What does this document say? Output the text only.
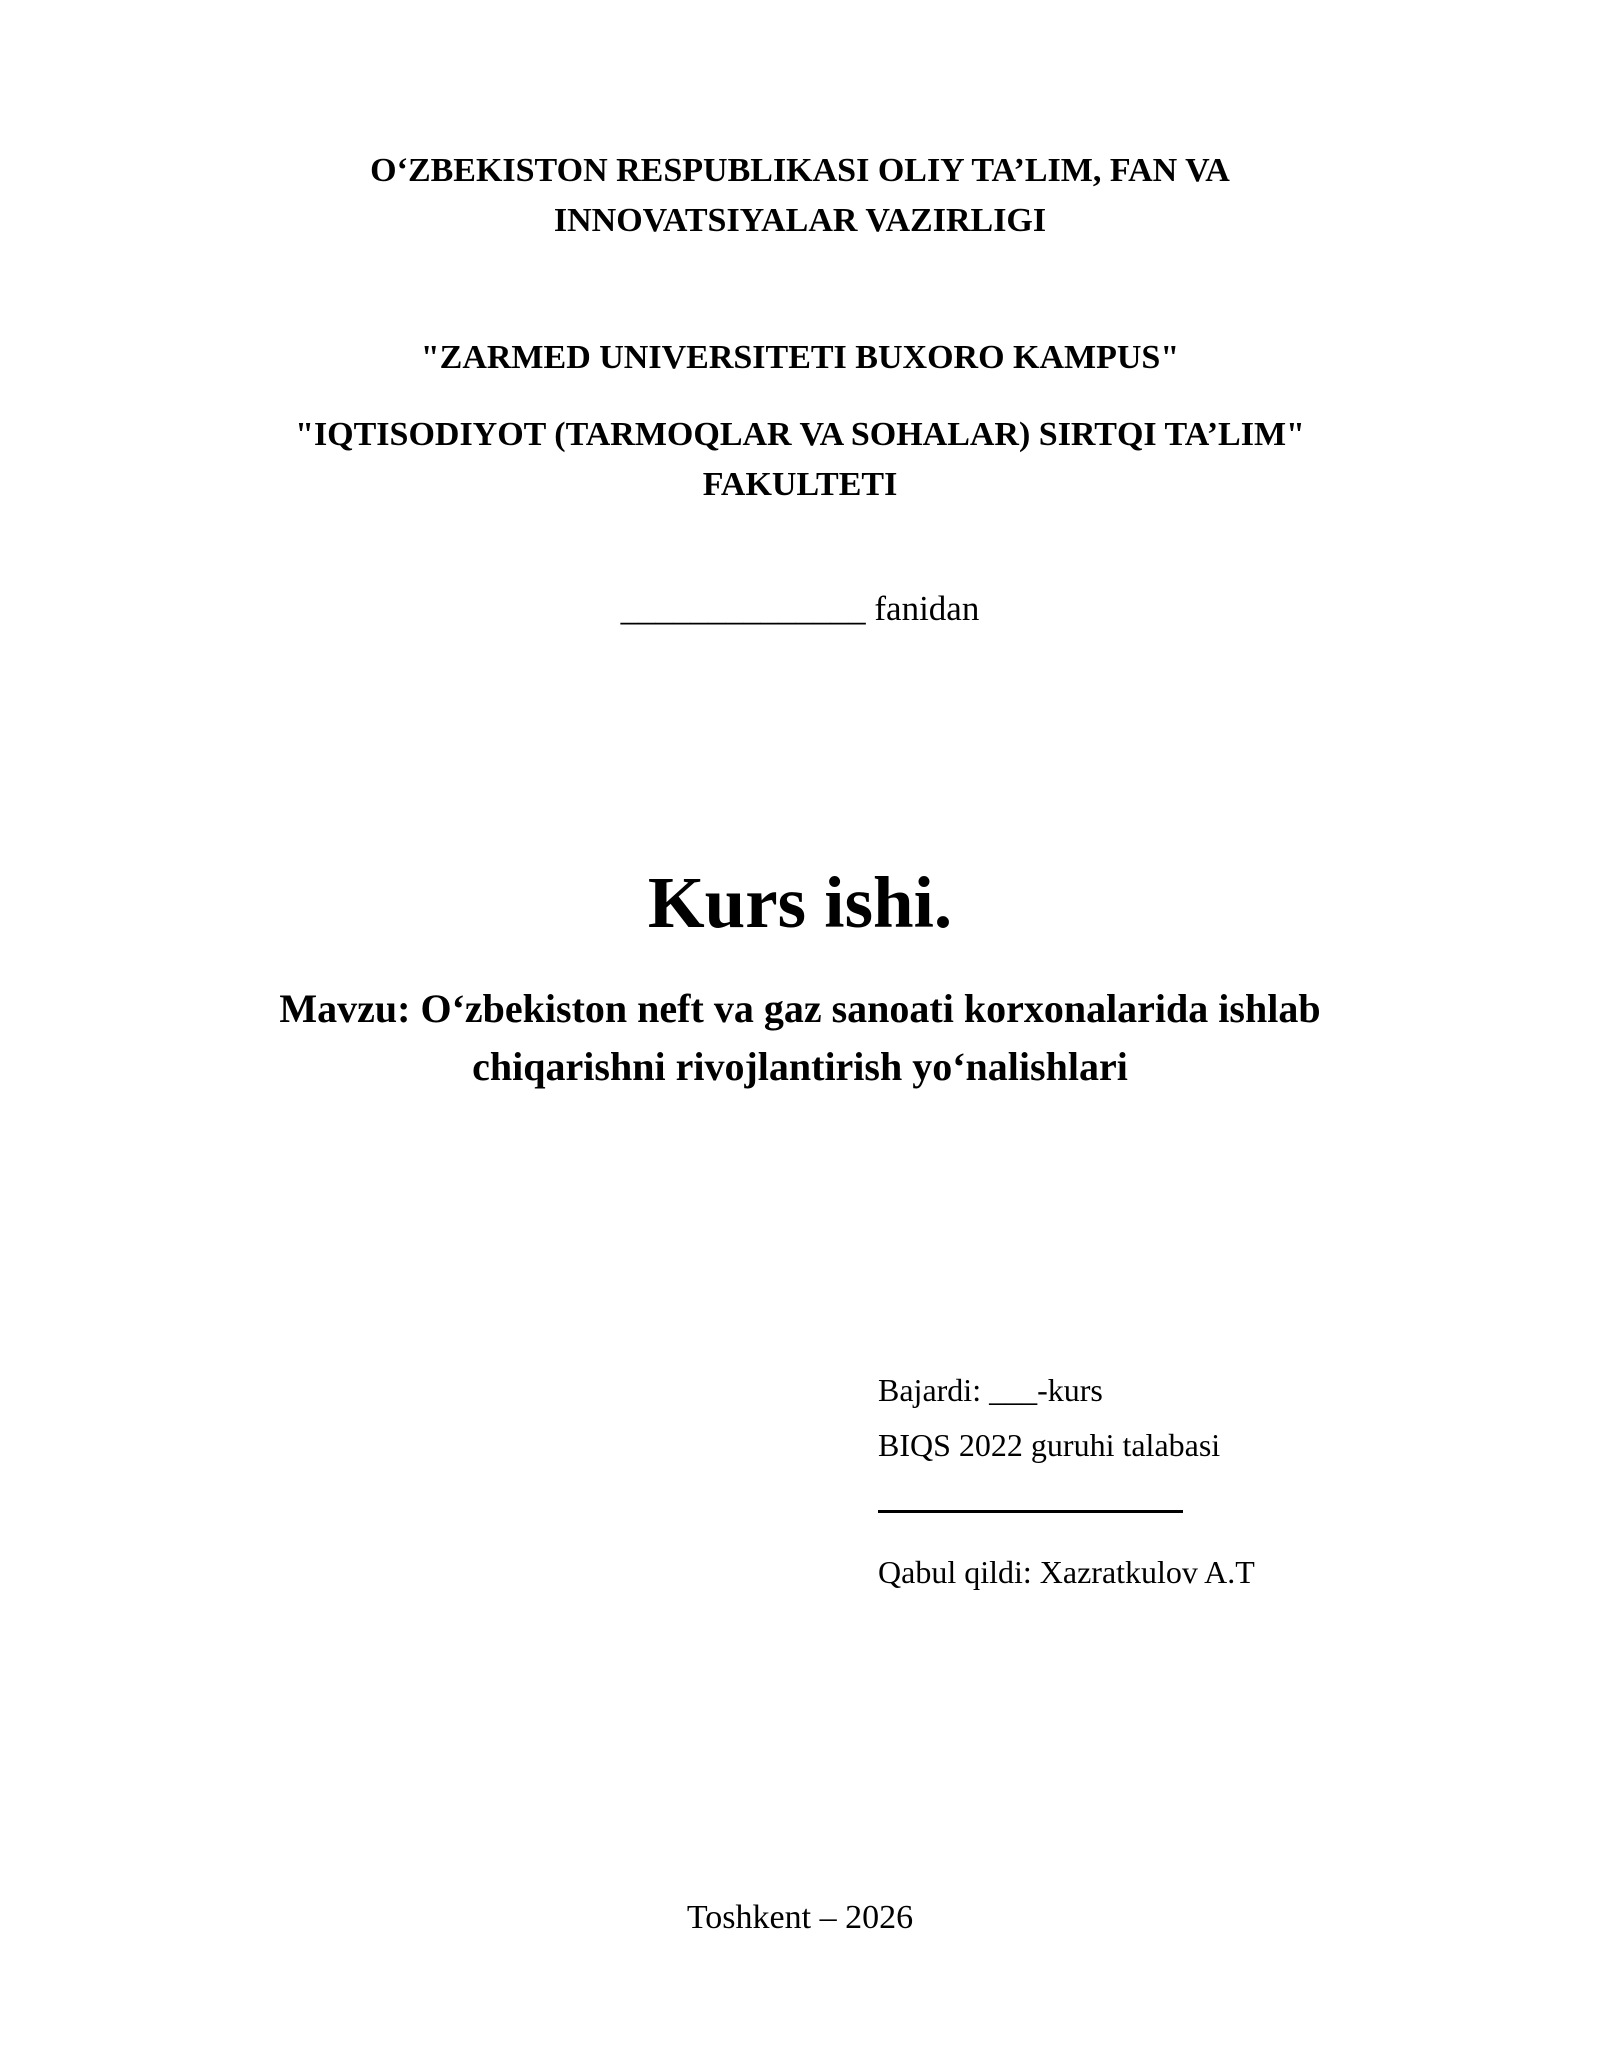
O‘ZBEKISTON RESPUBLIKASI OLIY TA’LIM, FAN VA
INNOVATSIYALAR VAZIRLIGI
"ZARMED UNIVERSITETI BUXORO KAMPUS"
"IQTISODIYOT (TARMOQLAR VA SOHALAR) SIRTQI TA’LIM"
FAKULTETI
______________ fanidan
Kurs ishi.
Mavzu: O‘zbekiston neft va gaz sanoati korxonalarida ishlab
chiqarishni rivojlantirish yo‘nalishlari
Bajardi: ___-kurs
BIQS 2022 guruhi talabasi
Qabul qildi: Xazratkulov A.T
Toshkent – 2026
